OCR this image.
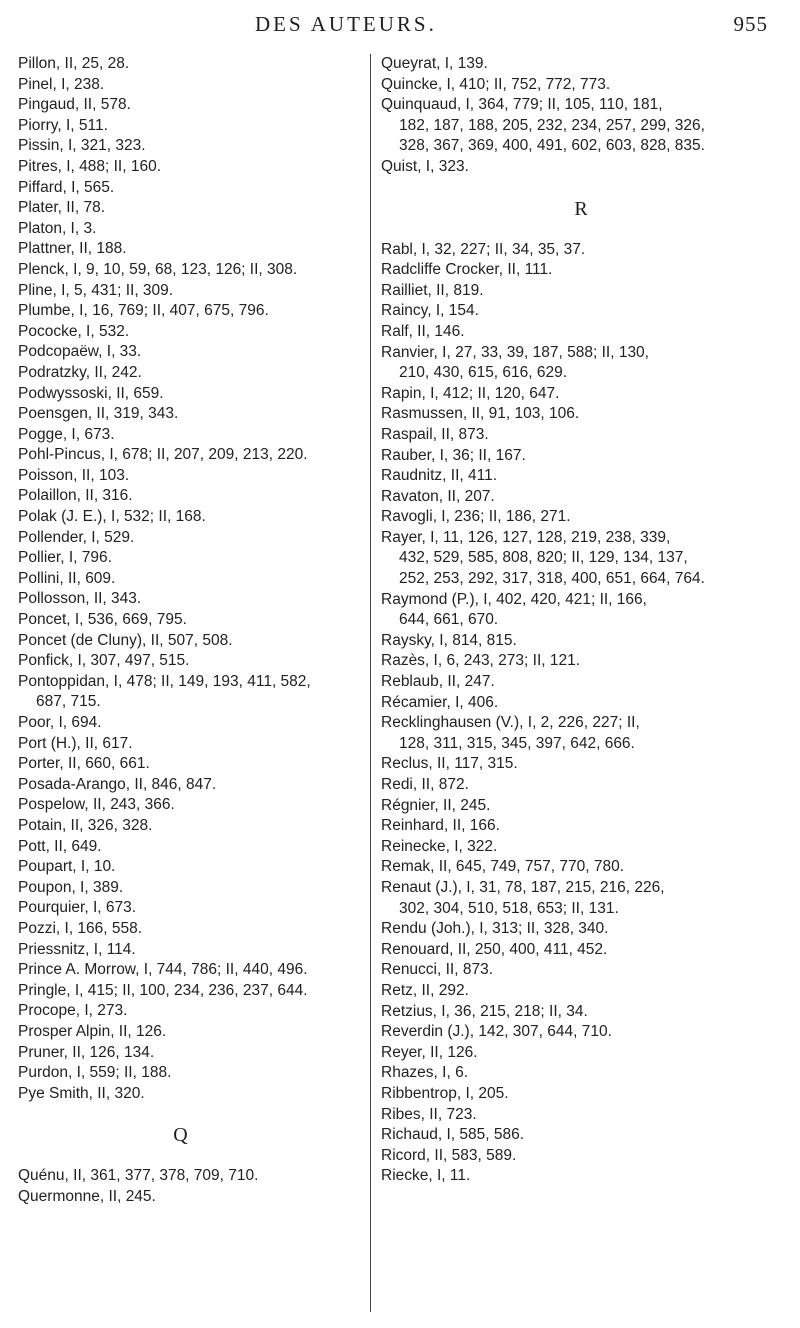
DES AUTEURS.	955

Pillon, II, 25, 28.

Pinel, I, 238.

Pingaud, II, 578.

Piorry, I, 511.

Pissin, I, 321, 323.

Pitres, I, 488; II, 160.

Piffard, I, 565.

Plater, II, 78.

Platon, I, 3.

Plattner, II, 188.

Plenck, I, 9, 10, 59, 68, 123, 126; II, 308.

Pline, I, 5, 431; II, 309.

Plumbe, I, 16, 769; II, 407, 675, 796.

Pococke, I, 532.

Podcopaëw, I, 33.

Podratzky, II, 242.

Podwyssoski, II, 659.

Poensgen, II, 319, 343.

Pogge, I, 673.

Pohl-Pincus, I, 678; II, 207, 209, 213, 220.

Poisson, II, 103.

Polaillon, II, 316.

Polak (J. E.), I, 532; II, 168.

Pollender, I, 529.

Pollier, I, 796.

Pollini, II, 609.

Pollosson, II, 343.

Poncet, I, 536, 669, 795.

Poncet (de Cluny), II, 507, 508.

Ponfick, I, 307, 497, 515.

Pontoppidan, I, 478; II, 149, 193, 411, 582,

687, 715.

Poor, I, 694.

Port (H.), II, 617.

Porter, II, 660, 661.

Posada-Arango, II, 846, 847.

Pospelow, II, 243, 366.

Potain, II, 326, 328.

Pott, II, 649.

Poupart, I, 10.

Poupon, I, 389.

Pourquier, I, 673.

Pozzi, I, 166, 558.

Priessnitz, I, 114.

Prince A. Morrow, I, 744, 786; II, 440, 496.

Pringle, I, 415; II, 100, 234, 236, 237, 644.

Procope, I, 273.

Prosper Alpin, II, 126.

Pruner, II, 126, 134.

Purdon, I, 559; II, 188.

Pye Smith, II, 320.

Q

Quénu, II, 361, 377, 378, 709, 710.

Quermonne, II, 245.

Queyrat, I, 139.

Quincke, I, 410; II, 752, 772, 773.

Quinquaud, I, 364, 779; II, 105, 110, 181,

182, 187, 188, 205, 232, 234, 257, 299, 326,

328, 367, 369, 400, 491, 602, 603, 828, 835.

Quist, I, 323.

R

Rabl, I, 32, 227; II, 34, 35, 37.

Radcliffe Crocker, II, 111.

Railliet, II, 819.

Raincy, I, 154.

Ralf, II, 146.

Ranvier, I, 27, 33, 39, 187, 588; II, 130,

210, 430, 615, 616, 629.

Rapin, I, 412; II, 120, 647.

Rasmussen, II, 91, 103, 106.

Raspail, II, 873.

Rauber, I, 36; II, 167.

Raudnitz, II, 411.

Ravaton, II, 207.

Ravogli, I, 236; II, 186, 271.

Rayer, I, 11, 126, 127, 128, 219, 238, 339,

432, 529, 585, 808, 820; II, 129, 134, 137,

252, 253, 292, 317, 318, 400, 651, 664, 764.

Raymond (P.), I, 402, 420, 421; II, 166,

644, 661, 670.

Raysky, I, 814, 815.

Razès, I, 6, 243, 273; II, 121.

Reblaub, II, 247.

Récamier, I, 406.

Recklinghausen (V.), I, 2, 226, 227; II,

128, 311, 315, 345, 397, 642, 666.

Reclus, II, 117, 315.

Redi, II, 872.

Régnier, II, 245.

Reinhard, II, 166.

Reinecke, I, 322.

Remak, II, 645, 749, 757, 770, 780.

Renaut (J.), I, 31, 78, 187, 215, 216, 226,

302, 304, 510, 518, 653; II, 131.

Rendu (Joh.), I, 313; II, 328, 340.

Renouard, II, 250, 400, 411, 452.

Renucci, II, 873.

Retz, II, 292.

Retzius, I, 36, 215, 218; II, 34.

Reverdin (J.), 142, 307, 644, 710.

Reyer, II, 126.

Rhazes, I, 6.

Ribbentrop, I, 205.

Ribes, II, 723.

Richaud, I, 585, 586.

Ricord, II, 583, 589.

Riecke, I, 11.
